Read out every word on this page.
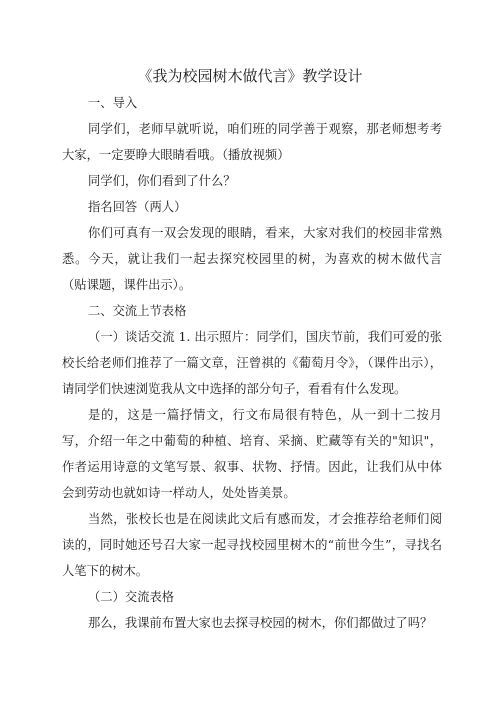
《我为校园树木做代言》教学设计
一、导入
同学们，老师早就听说，咱们班的同学善于观察，那老师想考考大家，一定要睁大眼睛看哦。（播放视频）
同学们，你们看到了什么？
指名回答（两人）
你们可真有一双会发现的眼睛，看来，大家对我们的校园非常熟悉。今天，就让我们一起去探究校园里的树，为喜欢的树木做代言（贴课题，课件出示）。
二、交流上节表格
（一）谈话交流 1. 出示照片：同学们，国庆节前，我们可爱的张校长给老师们推荐了一篇文章，汪曾祺的《葡萄月令》，（课件出示），请同学们快速浏览我从文中选择的部分句子，看看有什么发现。
是的，这是一篇抒情文，行文布局很有特色，从一到十二按月写，介绍一年之中葡萄的种植、培育、采摘、贮藏等有关的"知识"，作者运用诗意的文笔写景、叙事、状物、抒情。因此，让我们从中体会到劳动也就如诗一样动人，处处皆美景。
当然，张校长也是在阅读此文后有感而发，才会推荐给老师们阅读的，同时她还号召大家一起寻找校园里树木的“前世今生”，寻找名人笔下的树木。
（二）交流表格
那么，我课前布置大家也去探寻校园的树木，你们都做过了吗？
